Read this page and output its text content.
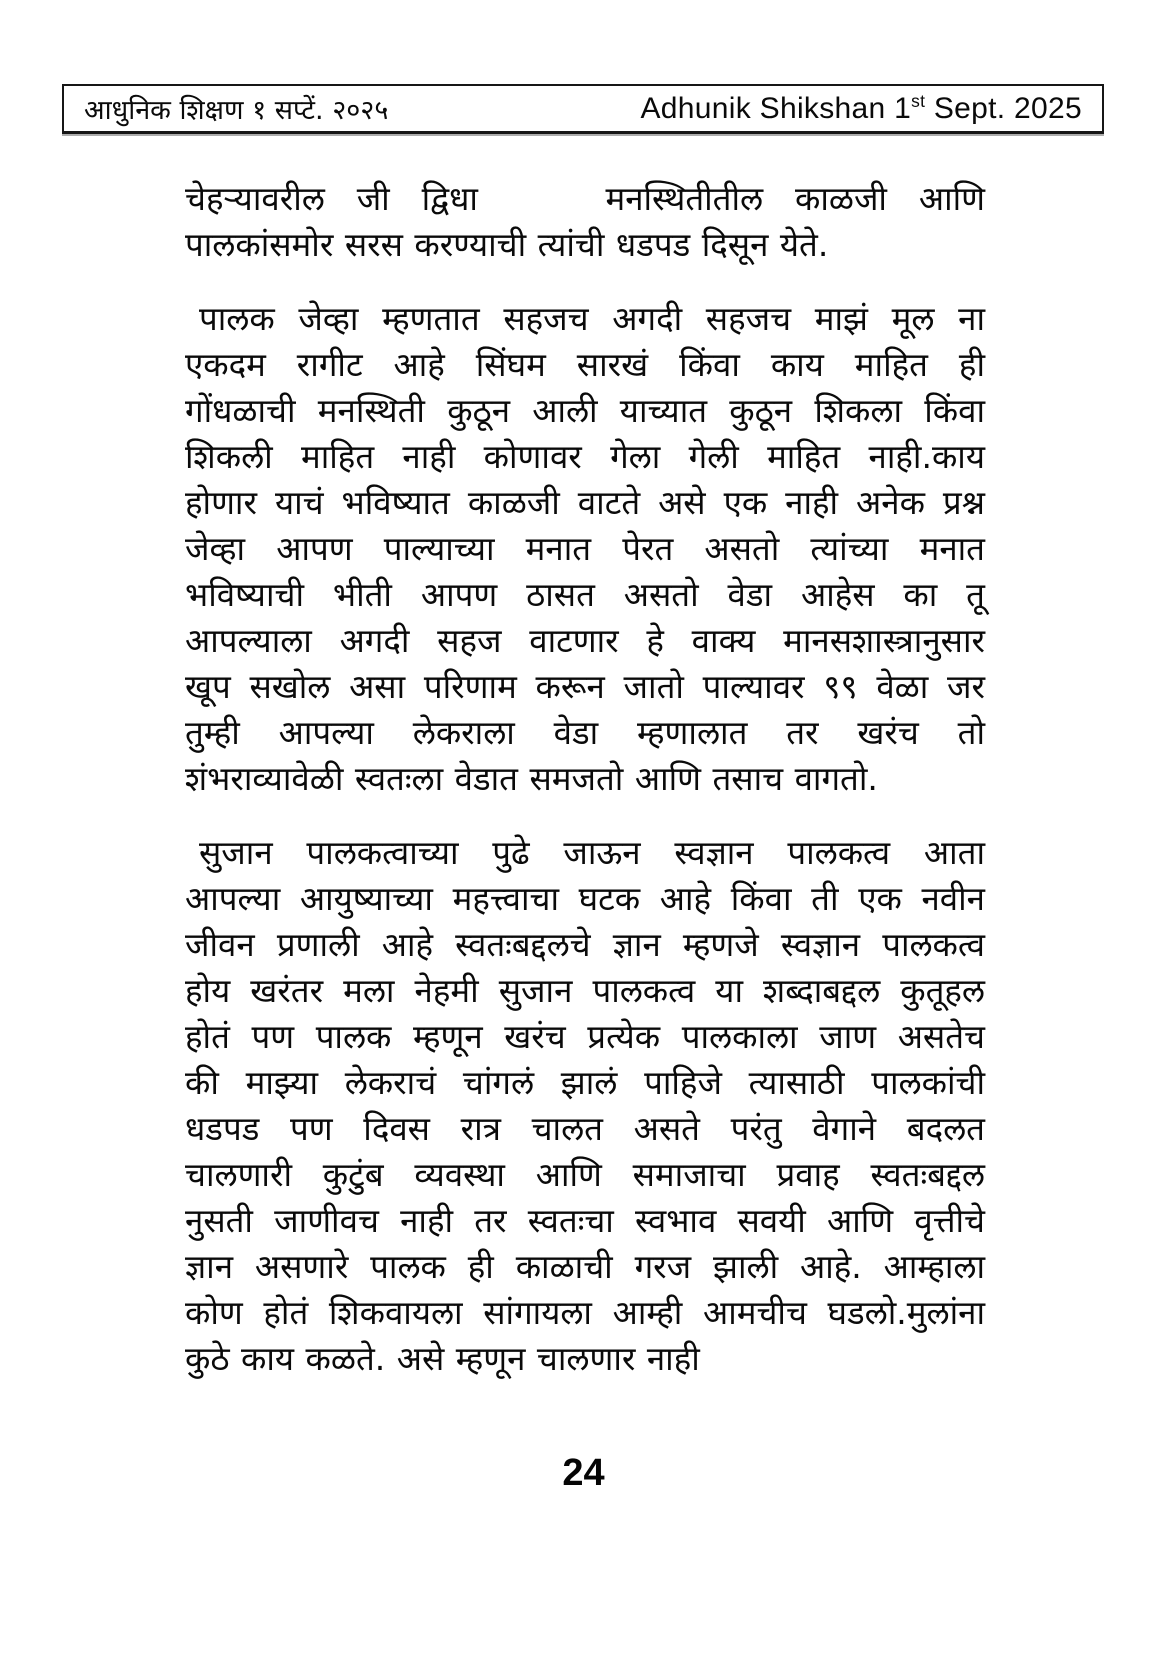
आधुनिक शिक्षण १ सप्टें. २०२५	Adhunik Shikshan 1st Sept. 2025
चेहऱ्यावरील जी द्विधा    मनस्थितीतील काळजी आणि
पालकांसमोर सरस करण्याची त्यांची धडपड दिसून येते.
पालक जेव्हा म्हणतात सहजच अगदी सहजच माझं मूल ना
एकदम रागीट आहे सिंघम सारखं किंवा काय माहित ही
गोंधळाची मनस्थिती कुठून आली याच्यात कुठून शिकला किंवा
शिकली माहित नाही कोणावर गेला गेली माहित नाही.काय
होणार याचं भविष्यात काळजी वाटते असे एक नाही अनेक प्रश्न
जेव्हा आपण पाल्याच्या मनात पेरत असतो त्यांच्या मनात
भविष्याची भीती आपण ठासत असतो वेडा आहेस का तू
आपल्याला अगदी सहज वाटणार हे वाक्य मानसशास्त्रानुसार
खूप सखोल असा परिणाम करून जातो पाल्यावर ९९ वेळा जर
तुम्ही आपल्या लेकराला वेडा म्हणालात तर खरंच तो
शंभराव्यावेळी स्वतःला वेडात समजतो आणि तसाच वागतो.
सुजान पालकत्वाच्या पुढे जाऊन स्वज्ञान पालकत्व आता
आपल्या आयुष्याच्या महत्त्वाचा घटक आहे किंवा ती एक नवीन
जीवन प्रणाली आहे स्वतःबद्दलचे ज्ञान म्हणजे स्वज्ञान पालकत्व
होय खरंतर मला नेहमी सुजान पालकत्व या शब्दाबद्दल कुतूहल
होतं पण पालक म्हणून खरंच प्रत्येक पालकाला जाण असतेच
की माझ्या लेकराचं चांगलं झालं पाहिजे त्यासाठी पालकांची
धडपड पण दिवस रात्र चालत असते परंतु वेगाने बदलत
चालणारी कुटुंब व्यवस्था आणि समाजाचा प्रवाह स्वतःबद्दल
नुसती जाणीवच नाही तर स्वतःचा स्वभाव सवयी आणि वृत्तीचे
ज्ञान असणारे पालक ही काळाची गरज झाली आहे. आम्हाला
कोण होतं शिकवायला सांगायला आम्ही आमचीच घडलो.मुलांना
कुठे काय कळते. असे म्हणून चालणार नाही
24
